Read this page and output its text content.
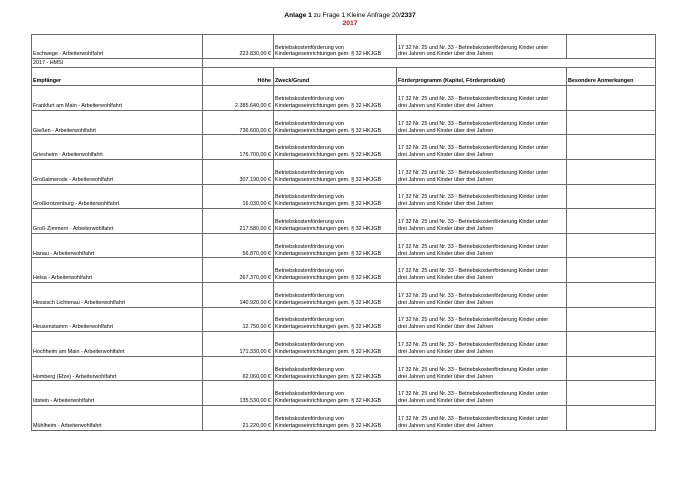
Anlage 1 zu Frage 1 Kleine Anfrage 20/2337
2017
Eschwege - Arbeiterwohlfahrt	223.830,00 €	Betriebskostenförderung von
Kindertageseinrichtungen gem. § 32 HKJGB	17 32 Nr. 25 und Nr. 33 - Betriebskostenförderung Kinder unter
drei Jahren und Kinder über drei Jahren	
2017 - HMSI				
Empfänger	Höhe	Zweck/Grund	Förderprogramm (Kapitel, Förderprodukt)	Besondere Anmerkungen
Frankfurt am Main - Arbeiterwohlfahrt	2.385.640,00 €	Betriebskostenförderung von
Kindertageseinrichtungen gem. § 32 HKJGB	17 32 Nr. 25 und Nr. 33 - Betriebskostenförderung Kinder unter
drei Jahren und Kinder über drei Jahren	
Gießen - Arbeiterwohlfahrt	736.600,00 €	Betriebskostenförderung von
Kindertageseinrichtungen gem. § 32 HKJGB	17 32 Nr. 25 und Nr. 33 - Betriebskostenförderung Kinder unter
drei Jahren und Kinder über drei Jahren	
Griesheim - Arbeiterwohlfahrt	176.700,00 €	Betriebskostenförderung von
Kindertageseinrichtungen gem. § 32 HKJGB	17 32 Nr. 25 und Nr. 33 - Betriebskostenförderung Kinder unter
drei Jahren und Kinder über drei Jahren	
Großalmerode - Arbeiterwohlfahrt	307.190,00 €	Betriebskostenförderung von
Kindertageseinrichtungen gem. § 32 HKJGB	17 32 Nr. 25 und Nr. 33 - Betriebskostenförderung Kinder unter
drei Jahren und Kinder über drei Jahren	
Großkrotzenburg - Arbeiterwohlfahrt	16.030,00 €	Betriebskostenförderung von
Kindertageseinrichtungen gem. § 32 HKJGB	17 32 Nr. 25 und Nr. 33 - Betriebskostenförderung Kinder unter
drei Jahren und Kinder über drei Jahren	
Groß-Zimmern - Arbeiterwohlfahrt	217.580,00 €	Betriebskostenförderung von
Kindertageseinrichtungen gem. § 32 HKJGB	17 32 Nr. 25 und Nr. 33 - Betriebskostenförderung Kinder unter
drei Jahren und Kinder über drei Jahren	
Hanau - Arbeiterwohlfahrt	56.870,00 €	Betriebskostenförderung von
Kindertageseinrichtungen gem. § 32 HKJGB	17 32 Nr. 25 und Nr. 33 - Betriebskostenförderung Kinder unter
drei Jahren und Kinder über drei Jahren	
Helsa - Arbeiterwohlfahrt	267.370,00 €	Betriebskostenförderung von
Kindertageseinrichtungen gem. § 32 HKJGB	17 32 Nr. 25 und Nr. 33 - Betriebskostenförderung Kinder unter
drei Jahren und Kinder über drei Jahren	
Hessisch Lichtenau - Arbeiterwohlfahrt	140.920,00 €	Betriebskostenförderung von
Kindertageseinrichtungen gem. § 32 HKJGB	17 32 Nr. 25 und Nr. 33 - Betriebskostenförderung Kinder unter
drei Jahren und Kinder über drei Jahren	
Heusenstamm - Arbeiterwohlfahrt	12.750,00 €	Betriebskostenförderung von
Kindertageseinrichtungen gem. § 32 HKJGB	17 32 Nr. 25 und Nr. 33 - Betriebskostenförderung Kinder unter
drei Jahren und Kinder über drei Jahren	
Hochheim am Main - Arbeiterwohlfahrt	171.330,00 €	Betriebskostenförderung von
Kindertageseinrichtungen gem. § 32 HKJGB	17 32 Nr. 25 und Nr. 33 - Betriebskostenförderung Kinder unter
drei Jahren und Kinder über drei Jahren	
Homberg (Efze) - Arbeiterwohlfahrt	62.060,00 €	Betriebskostenförderung von
Kindertageseinrichtungen gem. § 32 HKJGB	17 32 Nr. 25 und Nr. 33 - Betriebskostenförderung Kinder unter
drei Jahren und Kinder über drei Jahren	
Idstein - Arbeiterwohlfahrt	135.530,00 €	Betriebskostenförderung von
Kindertageseinrichtungen gem. § 32 HKJGB	17 32 Nr. 25 und Nr. 33 - Betriebskostenförderung Kinder unter
drei Jahren und Kinder über drei Jahren	
Mühlheim - Arbeiterwohlfahrt	21.220,00 €	Betriebskostenförderung von
Kindertageseinrichtungen gem. § 32 HKJGB	17 32 Nr. 25 und Nr. 33 - Betriebskostenförderung Kinder unter
drei Jahren und Kinder über drei Jahren	
